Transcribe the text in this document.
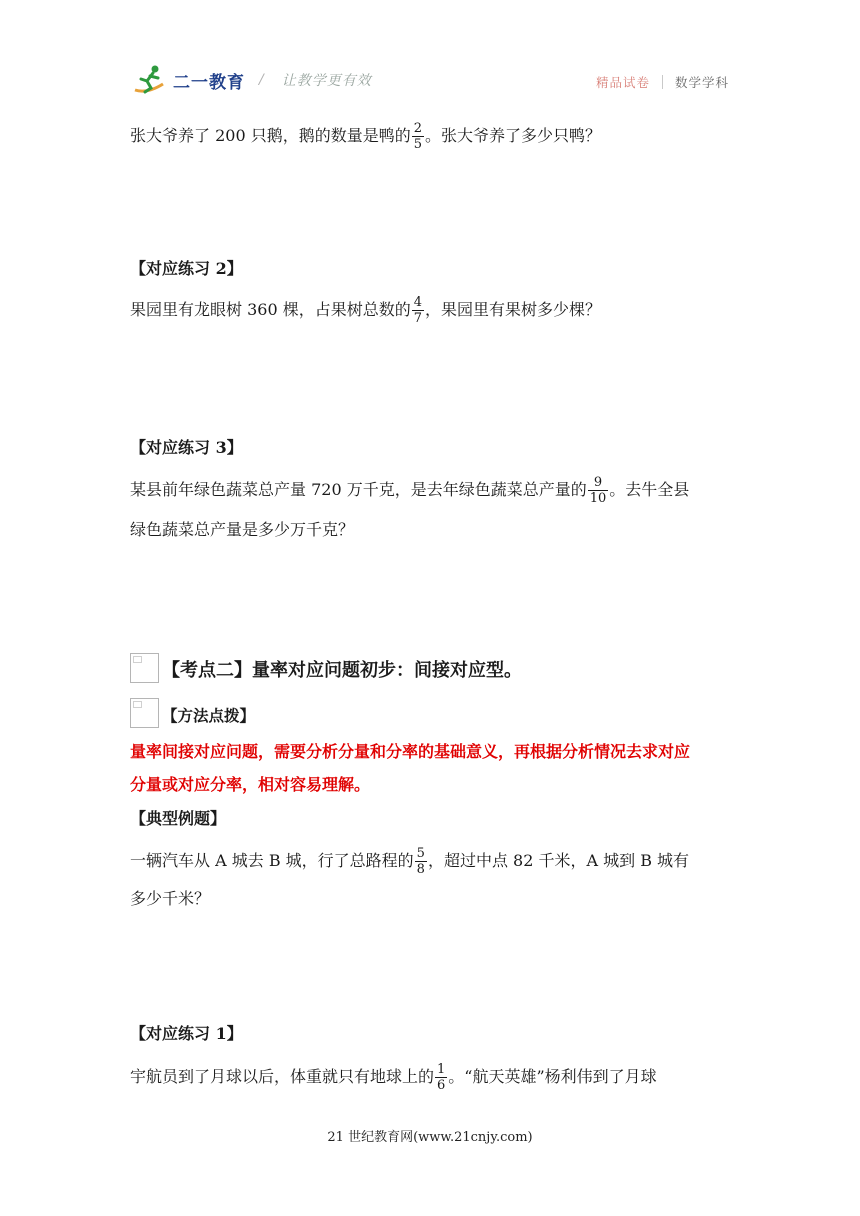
二一教育 / 让教学更有效	精品试卷 数学学科
张大爷养了 200 只鹅，鹅的数量是鸭的 $\frac{2}{5}$ 。张大爷养了多少只鸭？
【对应练习 2】
果园里有龙眼树 360 棵，占果树总数的 $\frac{4}{7}$ ，果园里有果树多少棵？
【对应练习 3】
某县前年绿色蔬菜总产量 720 万千克，是去年绿色蔬菜总产量的 $\frac{9}{10}$ 。去牛全县
绿色蔬菜总产量是多少万千克？
【考点二】量率对应问题初步：间接对应型。
【方法点拨】
量率间接对应问题，需要分析分量和分率的基础意义，再根据分析情况去求对应
分量或对应分率，相对容易理解。
【典型例题】
一辆汽车从 A 城去 B 城，行了总路程的 $\frac{5}{8}$ ，超过中点 82 千米，A 城到 B 城有
多少千米？
【对应练习 1】
宇航员到了月球以后，体重就只有地球上的 $\frac{1}{6}$ 。“航天英雄”杨利伟到了月球
21 世纪教育网(www.21cnjy.com)
